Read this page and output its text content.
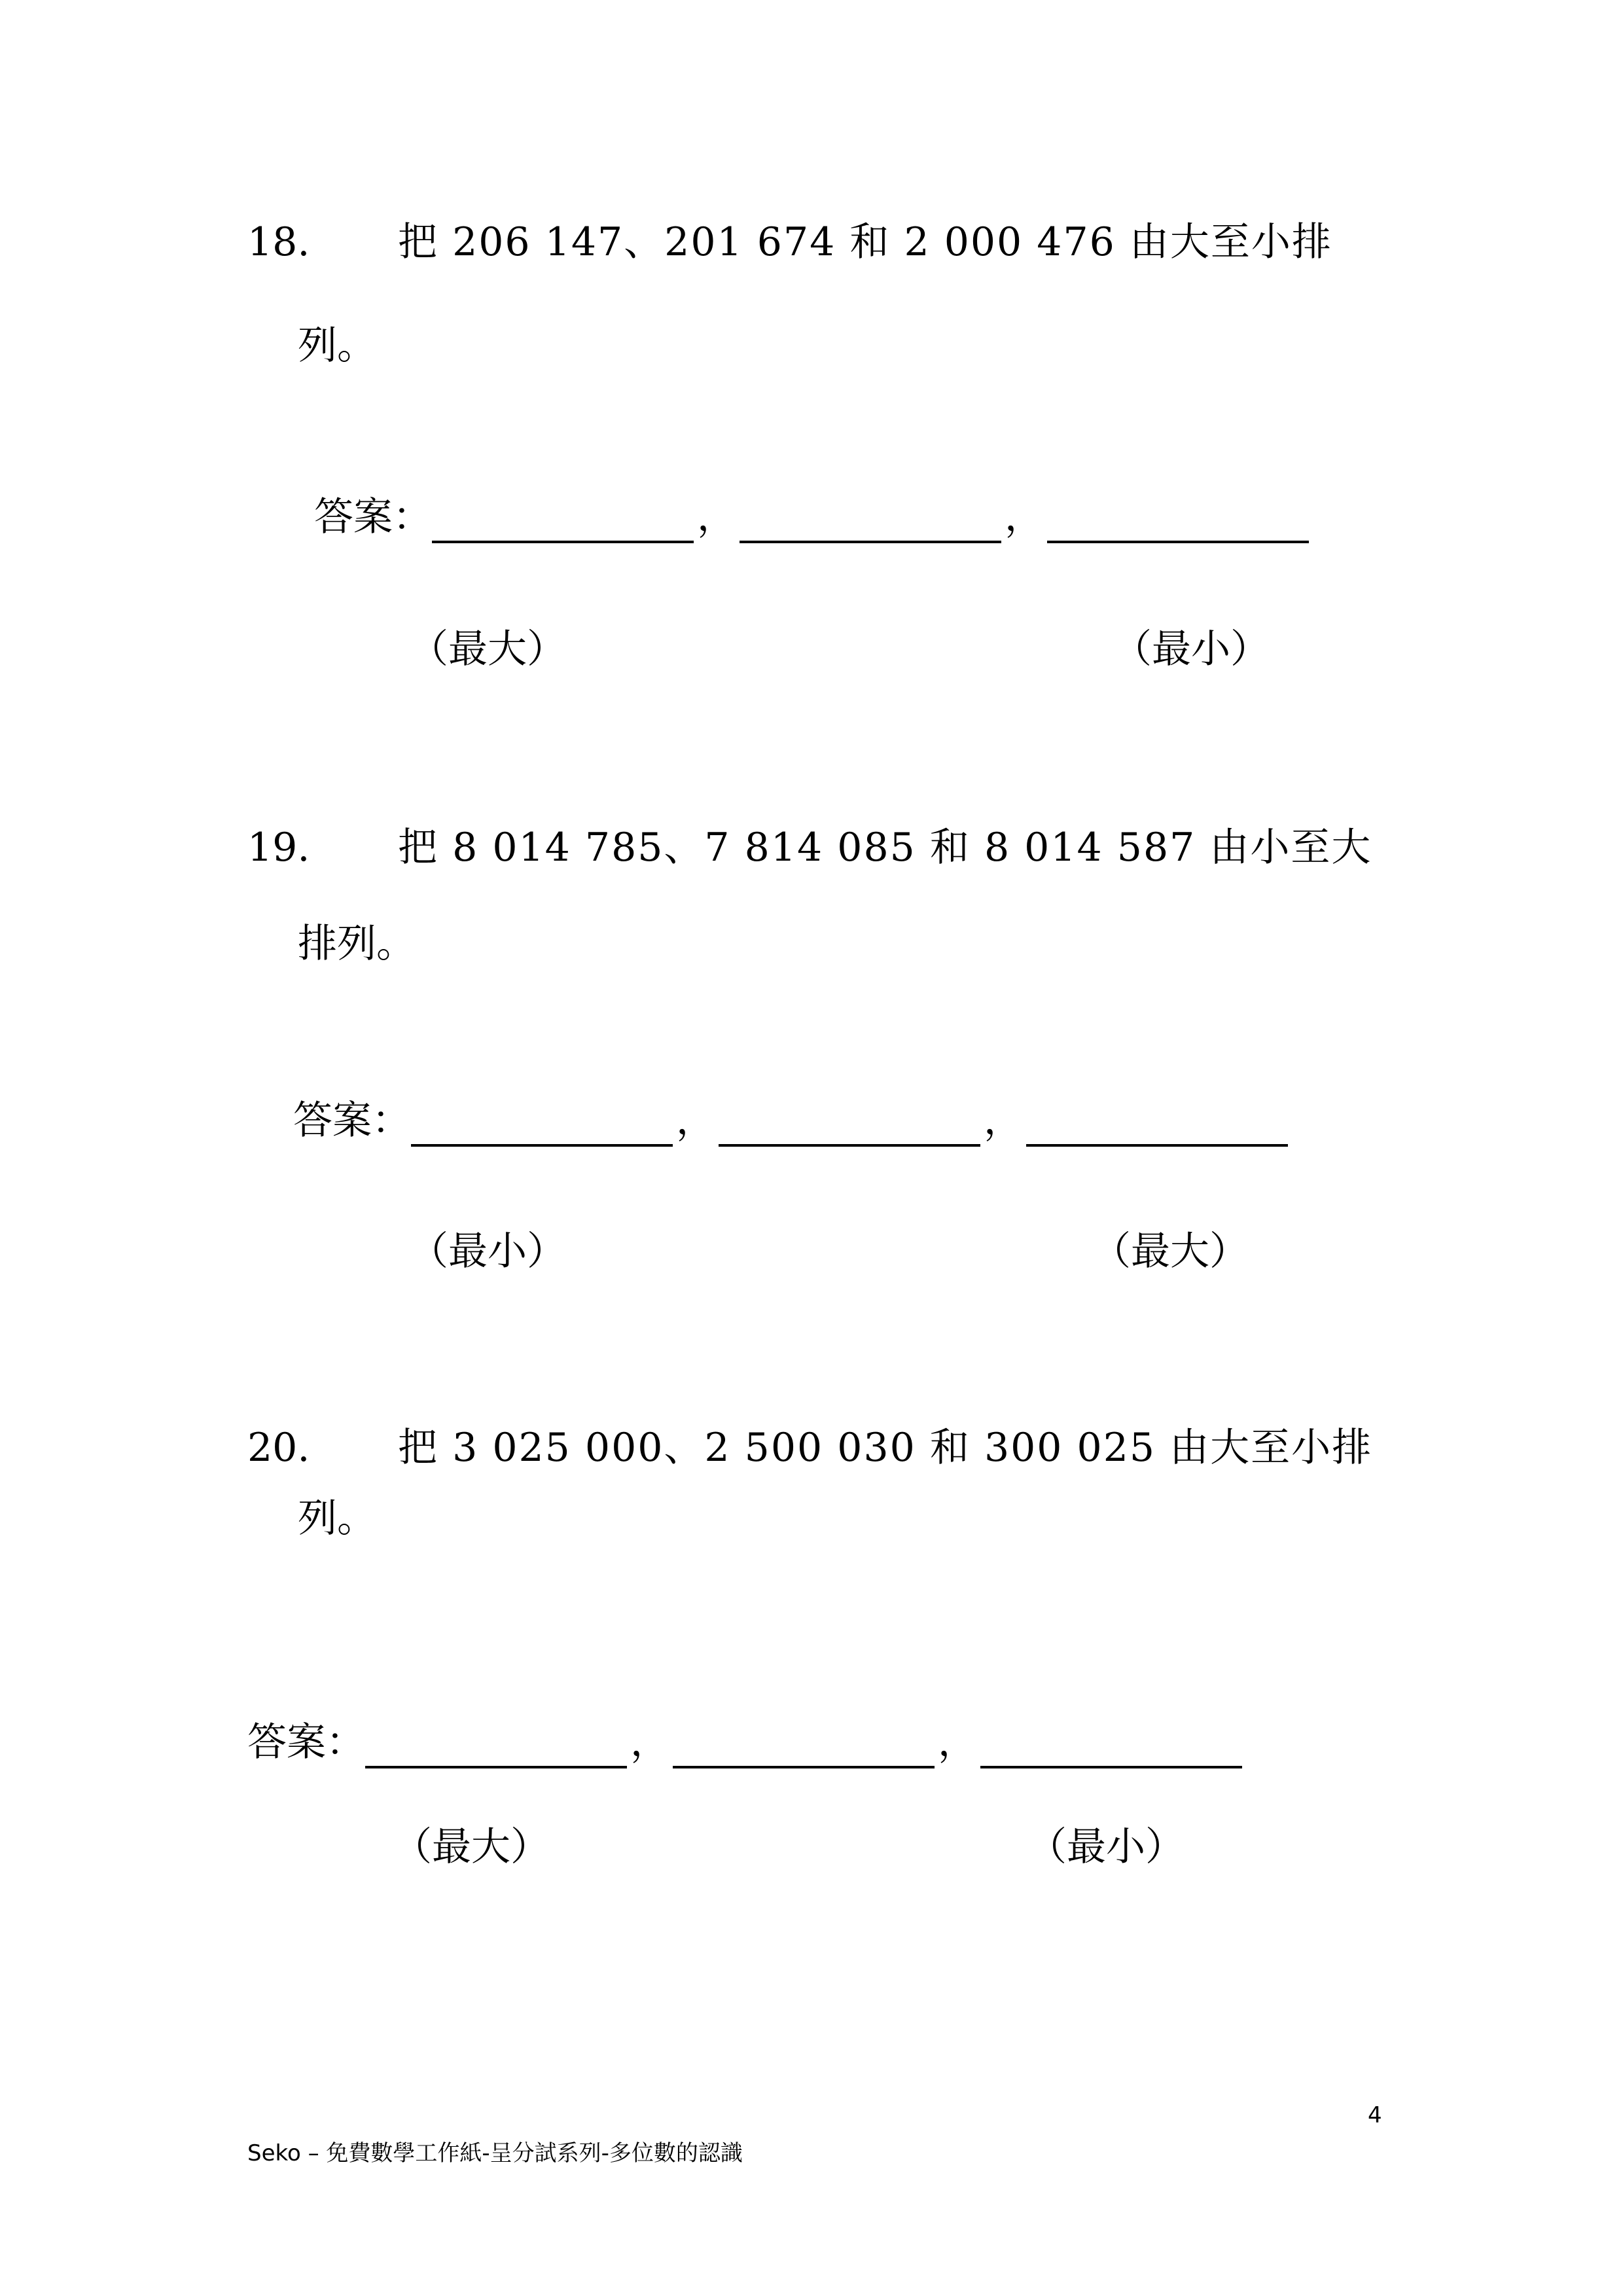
18. 把 206 147、201 674 和 2 000 476 由大至小排
列。
答案：	，	，
（最大）	（最小）
19. 把 8 014 785、7 814 085 和 8 014 587 由小至大
排列。
答案：	，	，
（最小）	（最大）
20. 把 3 025 000、2 500 030 和 300 025 由大至小排
列。
答案：	，	，
（最大）	（最小）
4
Seko – 免費數學工作紙-呈分試系列-多位數的認識
